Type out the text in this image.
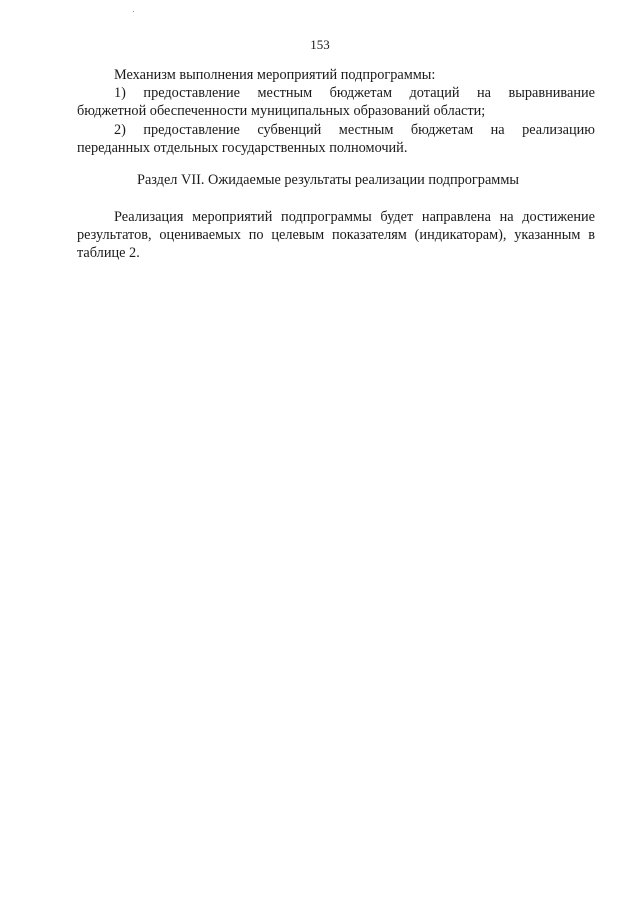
153

Механизм выполнения мероприятий подпрограммы:

1) предоставление местным бюджетам дотаций на выравнивание

бюджетной обеспеченности муниципальных образований области;

2) предоставление субвенций местным бюджетам на реализацию

переданных отдельных государственных полномочий.

Раздел VII. Ожидаемые результаты реализации подпрограммы

Реализация мероприятий подпрограммы будет направлена на достижение результатов, оцениваемых по целевым показателям (индикаторам), указанным в таблице 2.
